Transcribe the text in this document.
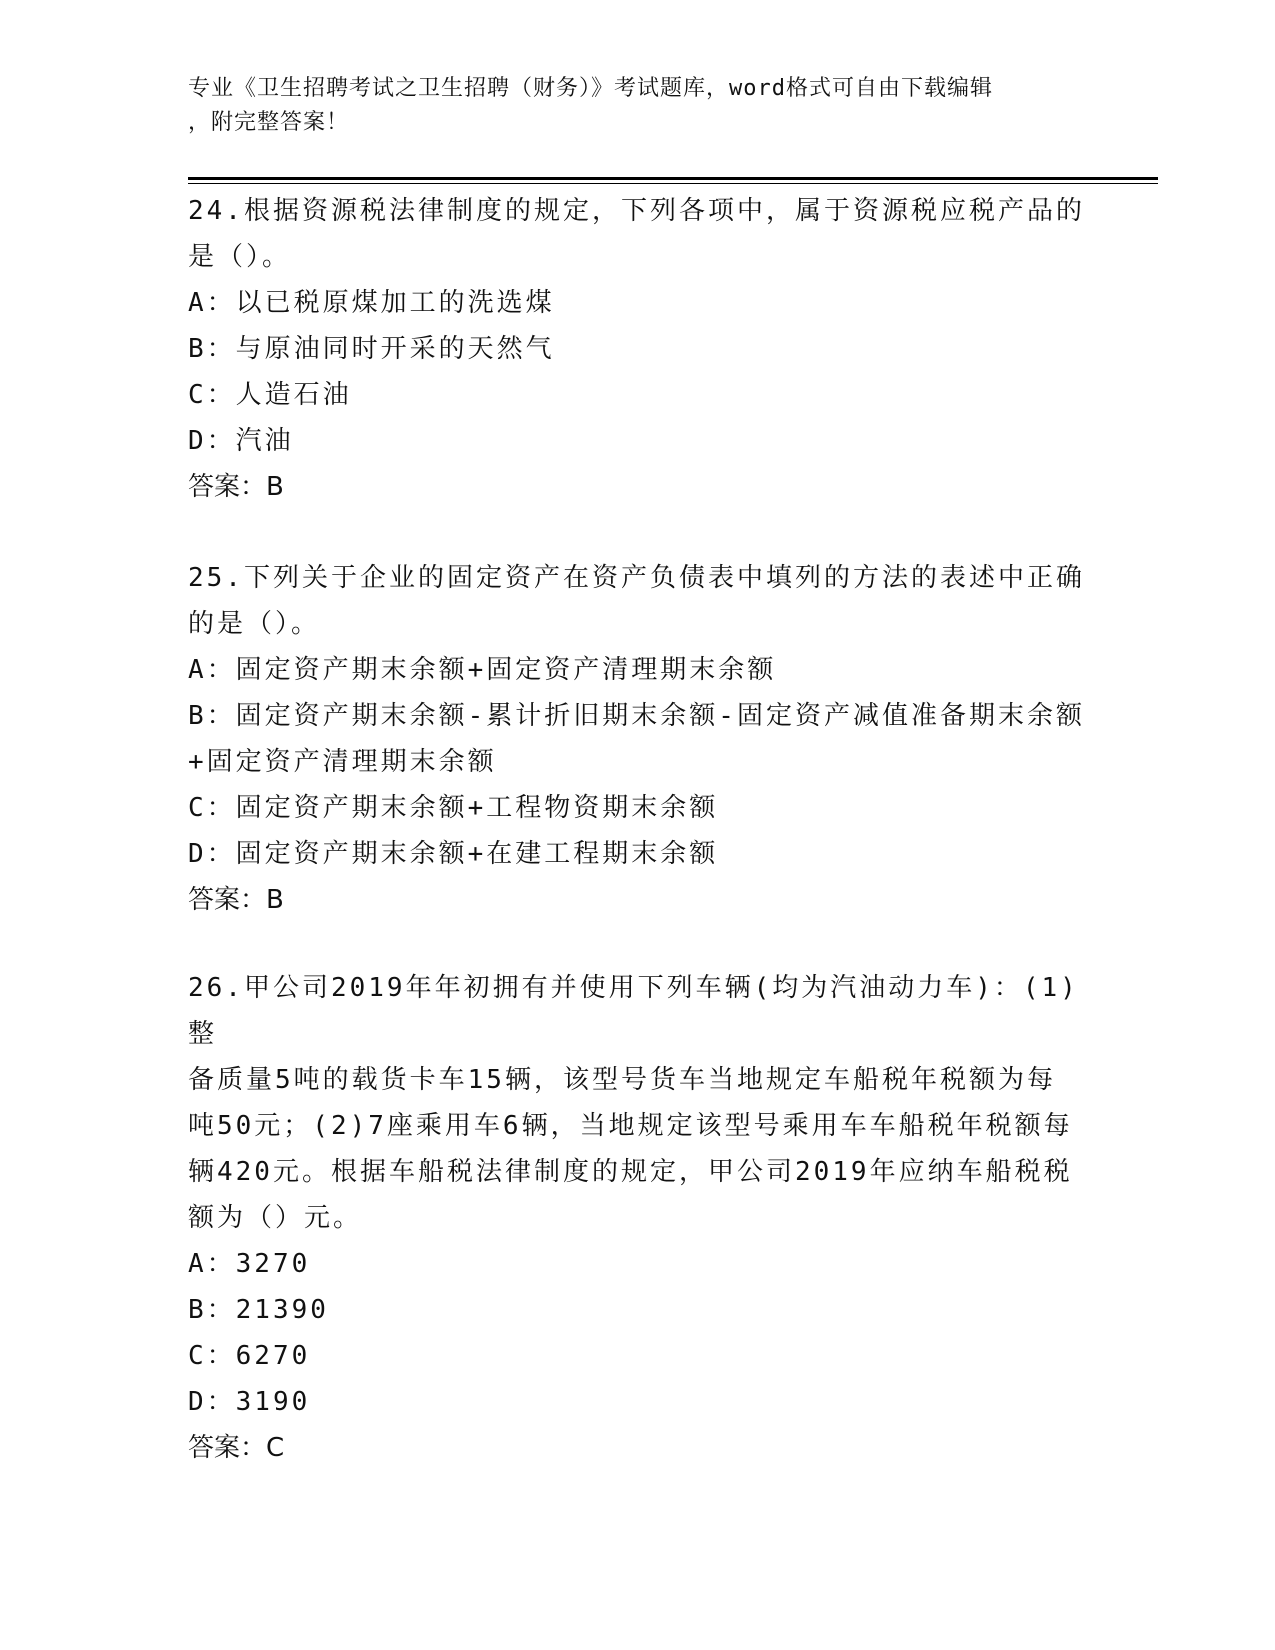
专业《卫生招聘考试之卫生招聘（财务）》考试题库，word格式可自由下载编辑
，附完整答案！

24.根据资源税法律制度的规定，下列各项中，属于资源税应税产品的
是（）。

A：以已税原煤加工的洗选煤

B：与原油同时开采的天然气

C：人造石油

D：汽油

答案：B

25.下列关于企业的固定资产在资产负债表中填列的方法的表述中正确
的是（）。

A：固定资产期末余额+固定资产清理期末余额

B：固定资产期末余额-累计折旧期末余额-固定资产减值准备期末余额
+固定资产清理期末余额

C：固定资产期末余额+工程物资期末余额

D：固定资产期末余额+在建工程期末余额

答案：B

26.甲公司2019年年初拥有并使用下列车辆(均为汽油动力车)：(1)整
备质量5吨的载货卡车15辆，该型号货车当地规定车船税年税额为每
吨50元；(2)7座乘用车6辆，当地规定该型号乘用车车船税年税额每
辆420元。根据车船税法律制度的规定，甲公司2019年应纳车船税税
额为（）元。

A：3270

B：21390

C：6270

D：3190

答案：C
